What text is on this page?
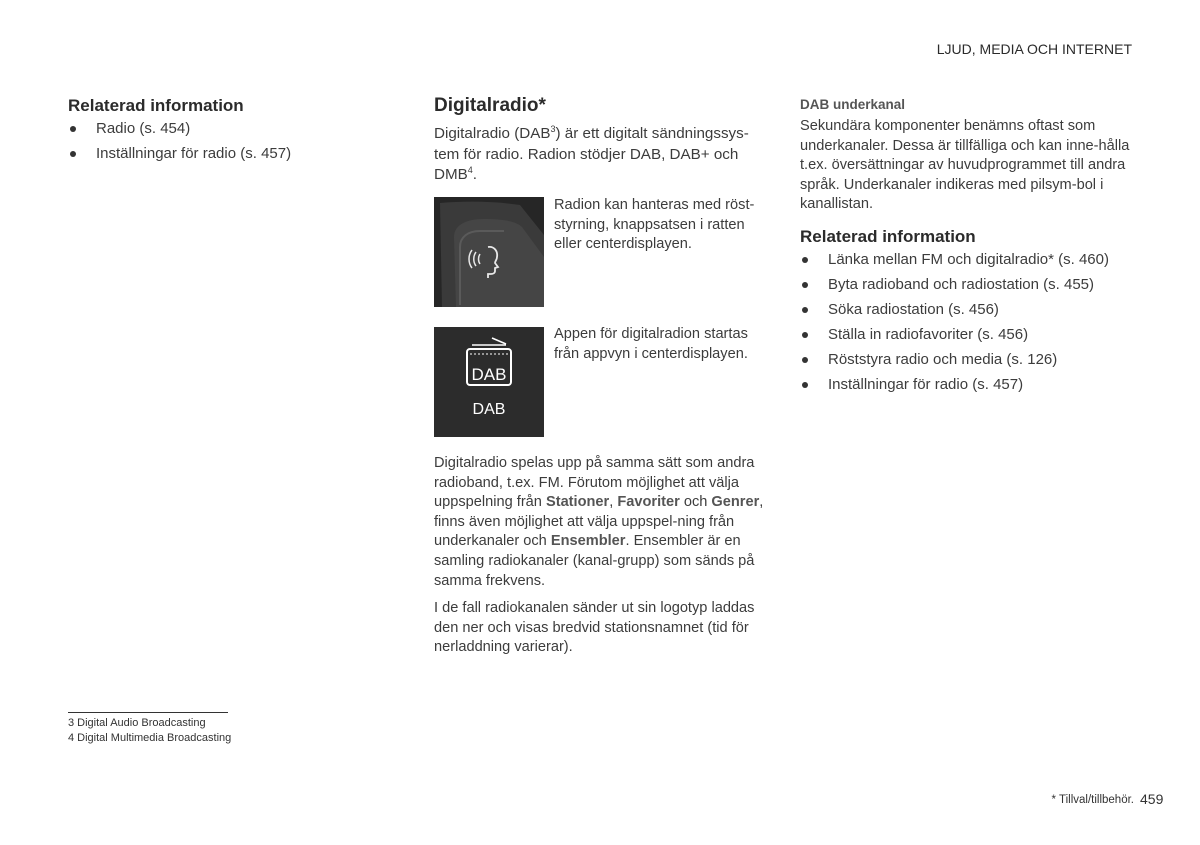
LJUD, MEDIA OCH INTERNET
Relaterad information
Radio (s. 454)
Inställningar för radio (s. 457)
Digitalradio*

Digitalradio (DAB$^3$) är ett digitalt sändningssys-
tem för radio. Radion stödjer DAB, DAB+ och
DMB$^4$.

Radion kan hanteras med röst-
styrning, knappsatsen i ratten
eller centerdisplayen.

DAB
DAB

Appen för digitalradion startas
från appvyn i centerdisplayen.

Digitalradio spelas upp på samma sätt som andra radioband, t.ex. FM. Förutom möjlighet att välja uppspelning från Stationer, Favoriter och Genrer, finns även möjlighet att välja uppspel-ning från underkanaler och Ensembler. Ensembler är en samling radiokanaler (kanal-grupp) som sänds på samma frekvens.

I de fall radiokanalen sänder ut sin logotyp laddas den ner och visas bredvid stationsnamnet (tid för nerladdning varierar).

DAB underkanal

Sekundära komponenter benämns oftast som underkanaler. Dessa är tillfälliga och kan inne-hålla t.ex. översättningar av huvudprogrammet till andra språk. Underkanaler indikeras med pilsym-bol i kanallistan.

Relaterad information
Länka mellan FM och digitalradio* (s. 460)
Byta radioband och radiostation (s. 455)
Söka radiostation (s. 456)
Ställa in radiofavoriter (s. 456)
Röststyra radio och media (s. 126)
Inställningar för radio (s. 457)
3 Digital Audio Broadcasting
4 Digital Multimedia Broadcasting
* Tillval/tillbehör. 459
